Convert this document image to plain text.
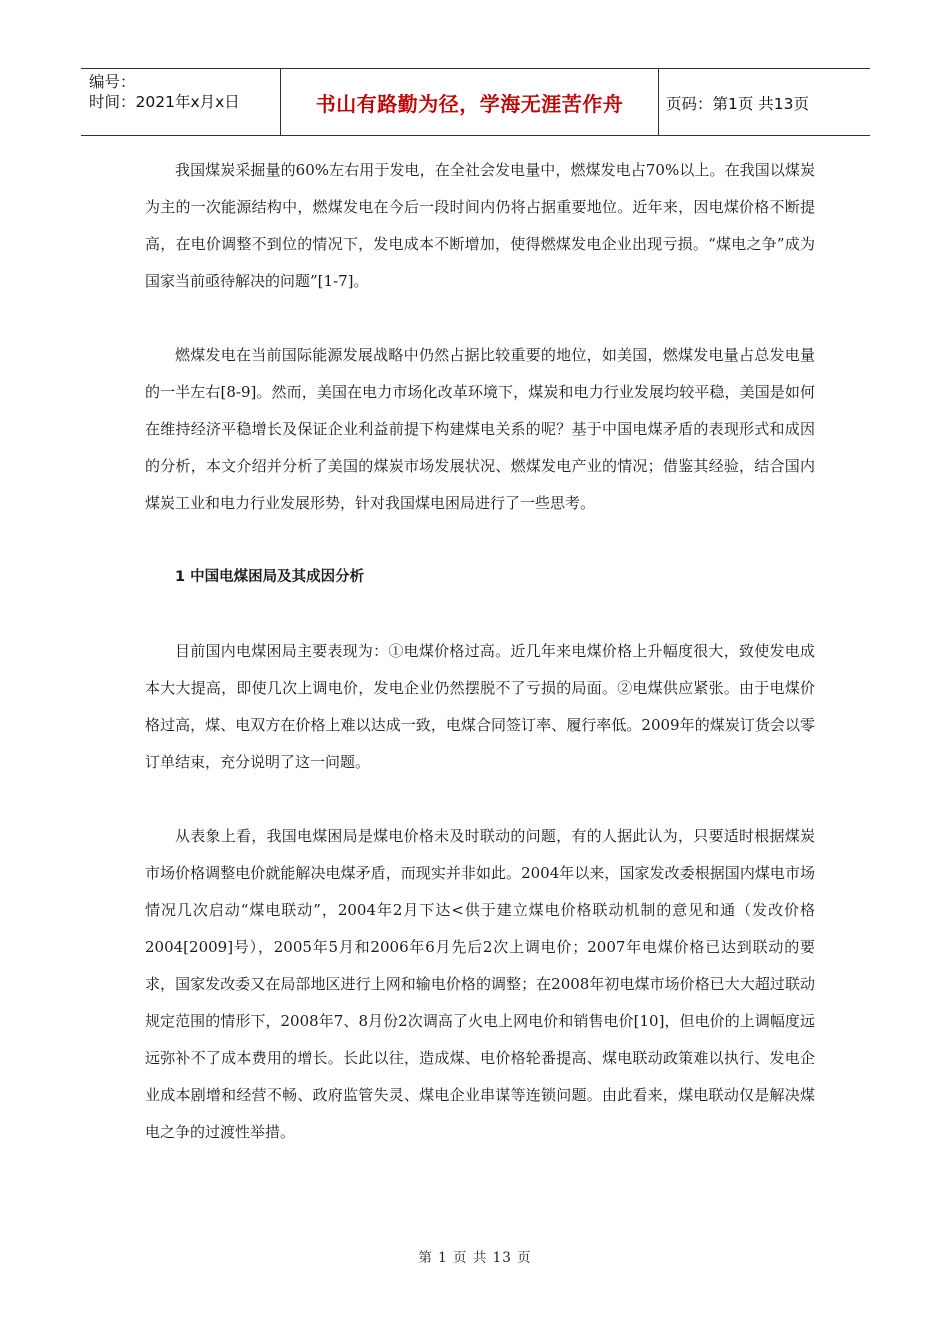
编号：
时间：2021年x月x日	书山有路勤为径，学海无涯苦作舟	页码：第1页 共13页

我国煤炭采掘量的60%左右用于发电，在全社会发电量中，燃煤发电占70%以上。在我国以煤炭为主的一次能源结构中，燃煤发电在今后一段时间内仍将占据重要地位。近年来，因电煤价格不断提高，在电价调整不到位的情况下，发电成本不断增加，使得燃煤发电企业出现亏损。“煤电之争”成为国家当前亟待解决的问题”[1-7]。

燃煤发电在当前国际能源发展战略中仍然占据比较重要的地位，如美国，燃煤发电量占总发电量的一半左右[8-9]。然而，美国在电力市场化改革环境下，煤炭和电力行业发展均较平稳，美国是如何在维持经济平稳增长及保证企业利益前提下构建煤电关系的呢？基于中国电煤矛盾的表现形式和成因的分析，本文介绍并分析了美国的煤炭市场发展状况、燃煤发电产业的情况；借鉴其经验，结合国内煤炭工业和电力行业发展形势，针对我国煤电困局进行了一些思考。

1 中国电煤困局及其成因分析

目前国内电煤困局主要表现为：①电煤价格过高。近几年来电煤价格上升幅度很大，致使发电成本大大提高，即使几次上调电价，发电企业仍然摆脱不了亏损的局面。②电煤供应紧张。由于电煤价格过高，煤、电双方在价格上难以达成一致，电煤合同签订率、履行率低。2009年的煤炭订货会以零订单结束，充分说明了这一问题。

从表象上看，我国电煤困局是煤电价格未及时联动的问题，有的人据此认为，只要适时根据煤炭市场价格调整电价就能解决电煤矛盾，而现实并非如此。2004年以来，国家发改委根据国内煤电市场情况几次启动“煤电联动”，2004年2月下达<供于建立煤电价格联动机制的意见和通（发改价格 2004[2009]号），2005年5月和2006年6月先后2次上调电价；2007年电煤价格已达到联动的要求，国家发改委又在局部地区进行上网和输电价格的调整；在2008年初电煤市场价格已大大超过联动规定范围的情形下，2008年7、8月份2次调高了火电上网电价和销售电价[10]，但电价的上调幅度远远弥补不了成本费用的增长。长此以往，造成煤、电价格轮番提高、煤电联动政策难以执行、发电企业成本剧增和经营不畅、政府监管失灵、煤电企业串谋等连锁问题。由此看来，煤电联动仅是解决煤电之争的过渡性举措。

第 1 页 共 13 页
